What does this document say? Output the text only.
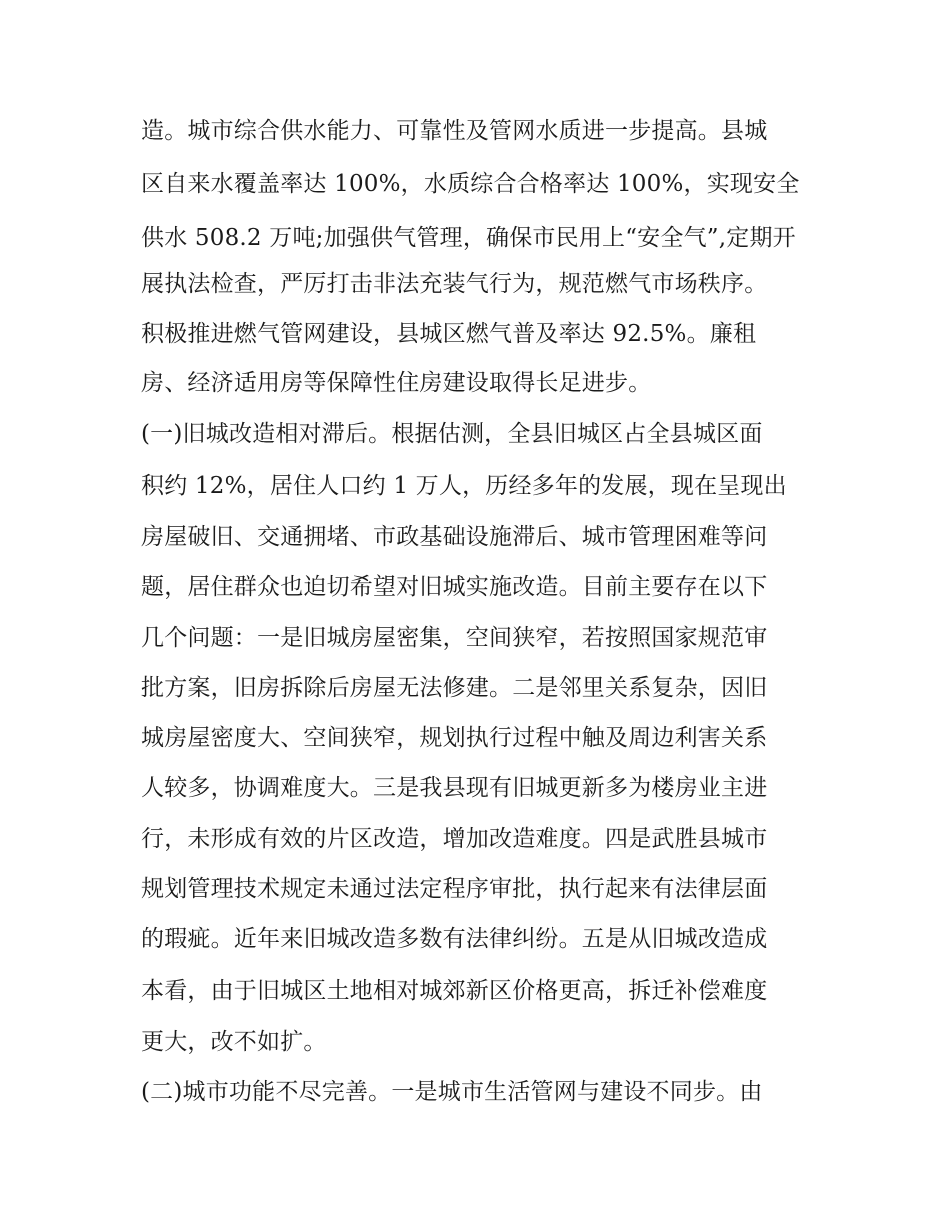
造。城市综合供水能力、可靠性及管网水质进一步提高。县城
区自来水覆盖率达 100%，水质综合合格率达 100%，实现安全
供水 508.2 万吨;加强供气管理，确保市民用上“安全气”,定期开
展执法检查，严厉打击非法充装气行为，规范燃气市场秩序。
积极推进燃气管网建设，县城区燃气普及率达 92.5%。廉租
房、经济适用房等保障性住房建设取得长足进步。
(一)旧城改造相对滞后。根据估测，全县旧城区占全县城区面
积约 12%，居住人口约 1 万人，历经多年的发展，现在呈现出
房屋破旧、交通拥堵、市政基础设施滞后、城市管理困难等问
题，居住群众也迫切希望对旧城实施改造。目前主要存在以下
几个问题：一是旧城房屋密集，空间狭窄，若按照国家规范审
批方案，旧房拆除后房屋无法修建。二是邻里关系复杂，因旧
城房屋密度大、空间狭窄，规划执行过程中触及周边利害关系
人较多，协调难度大。三是我县现有旧城更新多为楼房业主进
行，未形成有效的片区改造，增加改造难度。四是武胜县城市
规划管理技术规定未通过法定程序审批，执行起来有法律层面
的瑕疵。近年来旧城改造多数有法律纠纷。五是从旧城改造成
本看，由于旧城区土地相对城郊新区价格更高，拆迁补偿难度
更大，改不如扩。
(二)城市功能不尽完善。一是城市生活管网与建设不同步。由
